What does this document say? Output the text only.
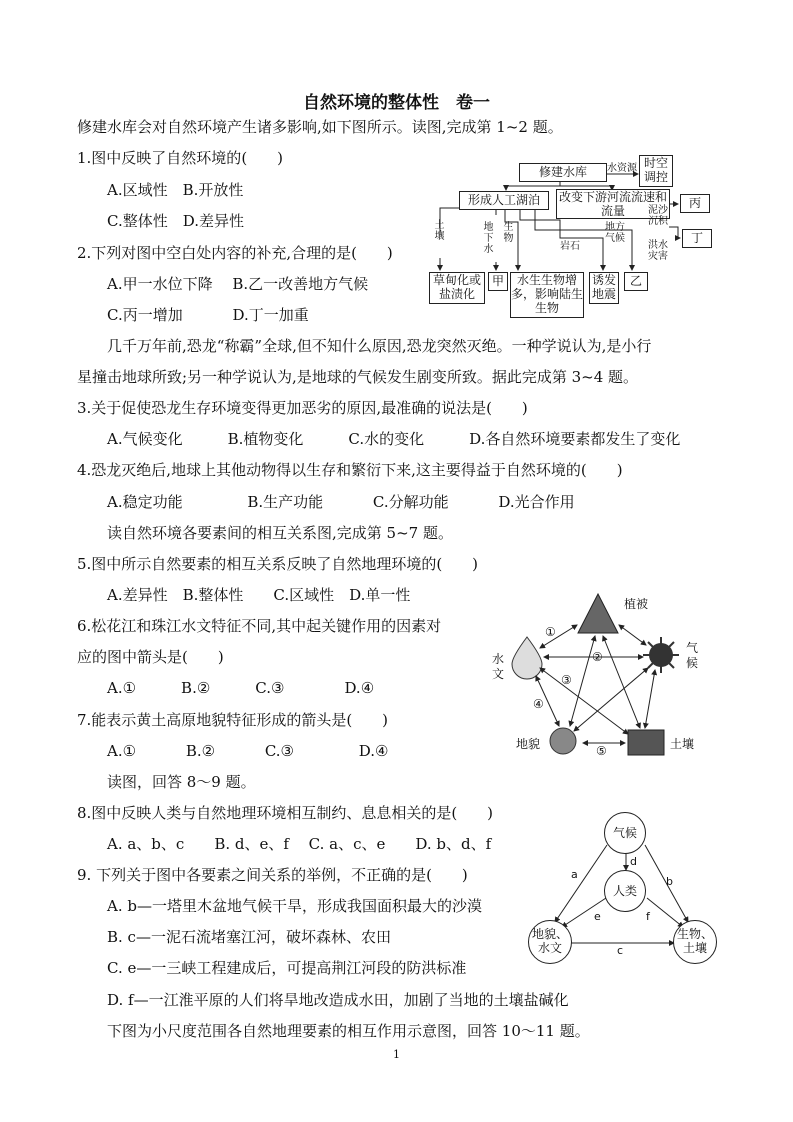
自然环境的整体性　卷一
修建水库会对自然环境产生诸多影响,如下图所示。读图,完成第 1~2 题。
1.图中反映了自然环境的(　　)
A.区域性　B.开放性
C.整体性　D.差异性
2.下列对图中空白处内容的补充,合理的是(　　)
A.甲一水位下降　 B.乙一改善地方气候
C.丙一增加　　　 D.丁一加重
几千万年前,恐龙“称霸”全球,但不知什么原因,恐龙突然灭绝。一种学说认为,是小行
星撞击地球所致;另一种学说认为,是地球的气候发生剧变所致。据此完成第 3~4 题。
3.关于促使恐龙生存环境变得更加恶劣的原因,最准确的说法是(　　)
A.气候变化　　　B.植物变化　　　C.水的变化　　　D.各自然环境要素都发生了变化
4.恐龙灭绝后,地球上其他动物得以生存和繁衍下来,这主要得益于自然环境的(　　)
A.稳定功能　　　　 B.生产功能　　　 C.分解功能　　　 D.光合作用
读自然环境各要素间的相互关系图,完成第 5~7 题。
5.图中所示自然要素的相互关系反映了自然地理环境的(　　)
A.差异性　B.整体性　　C.区域性　D.单一性
6.松花江和珠江水文特征不同,其中起关键作用的因素对
应的图中箭头是(　　)
A.①　　　B.②　　　C.③　　　　D.④
7.能表示黄土高原地貌特征形成的箭头是(　　)
A.①　　　 B.②　　　 C.③　　　　 D.④
读图，回答 8～9 题。
8.图中反映人类与自然地理环境相互制约、息息相关的是(　　)
A. a、b、c　　B. d、e、f　 C. a、c、e　　D. b、d、f
9. 下列关于图中各要素之间关系的举例，不正确的是(　　)
A. b—一塔里木盆地气候干旱，形成我国面积最大的沙漠
B. c—一泥石流堵塞江河，破坏森林、农田
C. e—一三峡工程建成后，可提高荆江河段的防洪标准
D. f—一江淮平原的人们将旱地改造成水田，加剧了当地的土壤盐碱化
下图为小尺度范围各自然地理要素的相互作用示意图，回答 10～11 题。
1
修建水库
时空调控
水资源
形成人工湖泊	改变下游河流流速和流量
丙
泥沙沉积
丁
洪水灾害
土壤
地下水
生物
岩石
地方气候
草甸化或盐渍化
甲	水生生物增多，影响陆生生物
诱发地震
乙
植被
气候
水文
地貌	土壤
①
②
③
④
⑤
气候
人类
地貌、水文
生物、土壤
a
b
c
d
e	f
